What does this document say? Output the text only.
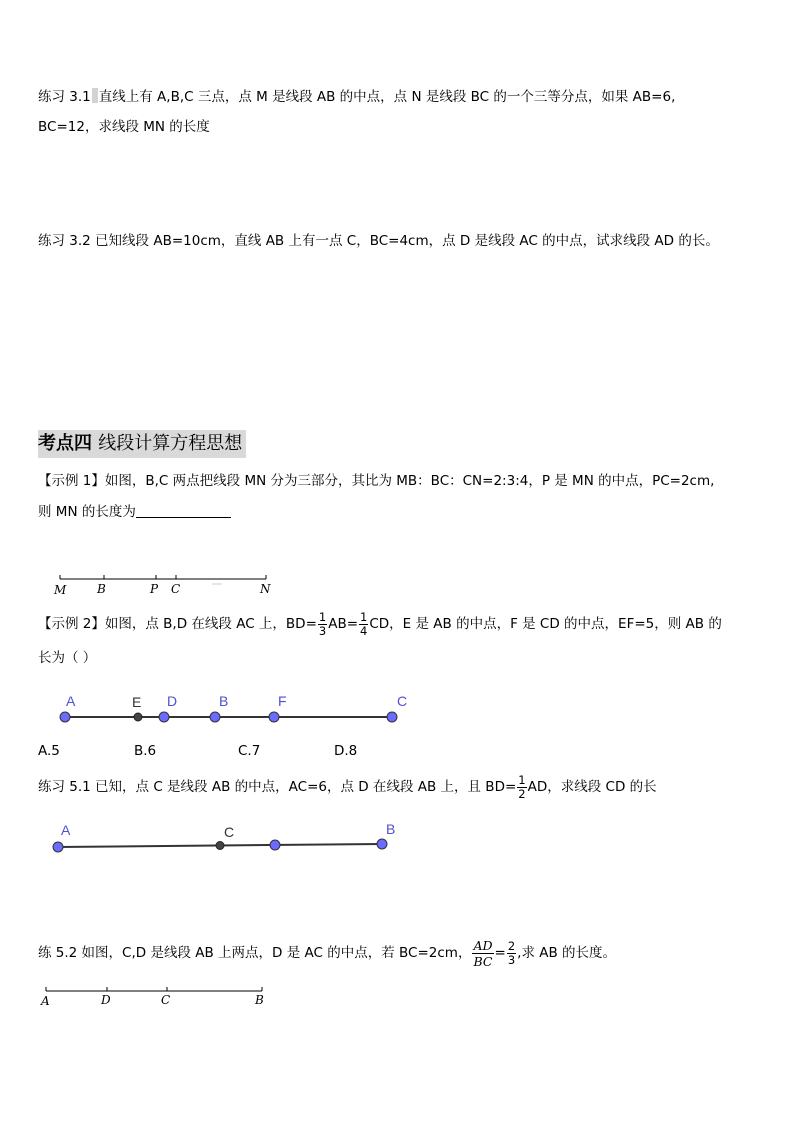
练习 3.1 直线上有 A,B,C 三点，点 M 是线段 AB 的中点，点 N 是线段 BC 的一个三等分点，如果 AB=6,
BC=12，求线段 MN 的长度
练习 3.2 已知线段 AB=10cm，直线 AB 上有一点 C，BC=4cm，点 D 是线段 AC 的中点，试求线段 AD 的长。
考点四 线段计算方程思想
【示例 1】如图，B,C 两点把线段 MN 分为三部分，其比为 MB：BC：CN=2:3:4，P 是 MN 的中点，PC=2cm,
则 MN 的长度为
M	B	P C	N
【示例 2】如图，点 B,D 在线段 AC 上，$BD= \frac{1}{3} AB= \frac{1}{4}$ CD，E 是 AB 的中点，F 是 CD 的中点，EF=5，则 AB 的
长为（ ）
A	E D	B	F	C
A.5	B.6	C.7	D.8
练习 5.1 已知，点 C 是线段 AB 的中点，AC=6，点 D 在线段 AB 上，且 $BD= \frac{1}{2}$ AD，求线段 CD 的长
A	C	B
练 5.2 如图，C,D 是线段 AB 上两点，D 是 AC 的中点，若 BC=2cm， $\frac{AD}{BC} = \frac{2}{3}$ ,求 AB 的长度。
A	D	C	B
